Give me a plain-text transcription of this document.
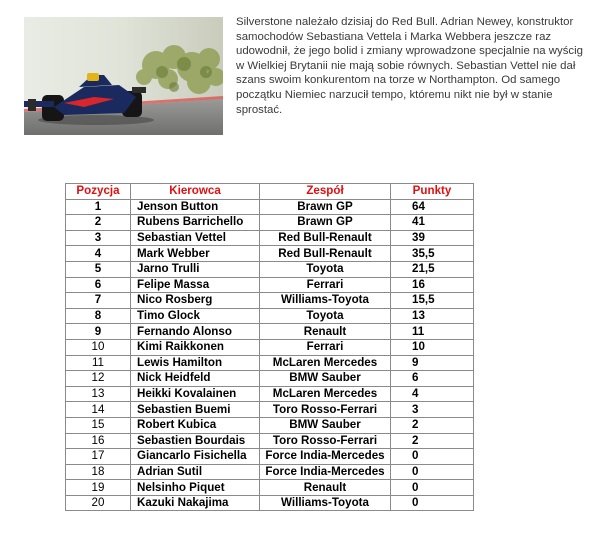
Silverstone należało dzisiaj do Red Bull. Adrian Newey, konstruktor samochodów Sebastiana Vettela i Marka Webbera jeszcze raz udowodnił, że jego bolid i zmiany wprowadzone specjalnie na wyścig w Wielkiej Brytanii nie mają sobie równych. Sebastian Vettel nie dał szans swoim konkurentom na torze w Northampton. Od samego początku Niemiec narzucił tempo, któremu nikt nie był w stanie sprostać.

Pozycja	Kierowca	Zespół	Punkty
1	Jenson Button	Brawn GP	64
2	Rubens Barrichello	Brawn GP	41
3	Sebastian Vettel	Red Bull-Renault	39
4	Mark Webber	Red Bull-Renault	35,5
5	Jarno Trulli	Toyota	21,5
6	Felipe Massa	Ferrari	16
7	Nico Rosberg	Williams-Toyota	15,5
8	Timo Glock	Toyota	13
9	Fernando Alonso	Renault	11
10	Kimi Raikkonen	Ferrari	10
11	Lewis Hamilton	McLaren Mercedes	9
12	Nick Heidfeld	BMW Sauber	6
13	Heikki Kovalainen	McLaren Mercedes	4
14	Sebastien Buemi	Toro Rosso-Ferrari	3
15	Robert Kubica	BMW Sauber	2
16	Sebastien Bourdais	Toro Rosso-Ferrari	2
17	Giancarlo Fisichella	Force India-Mercedes	0
18	Adrian Sutil	Force India-Mercedes	0
19	Nelsinho Piquet	Renault	0
20	Kazuki Nakajima	Williams-Toyota	0
